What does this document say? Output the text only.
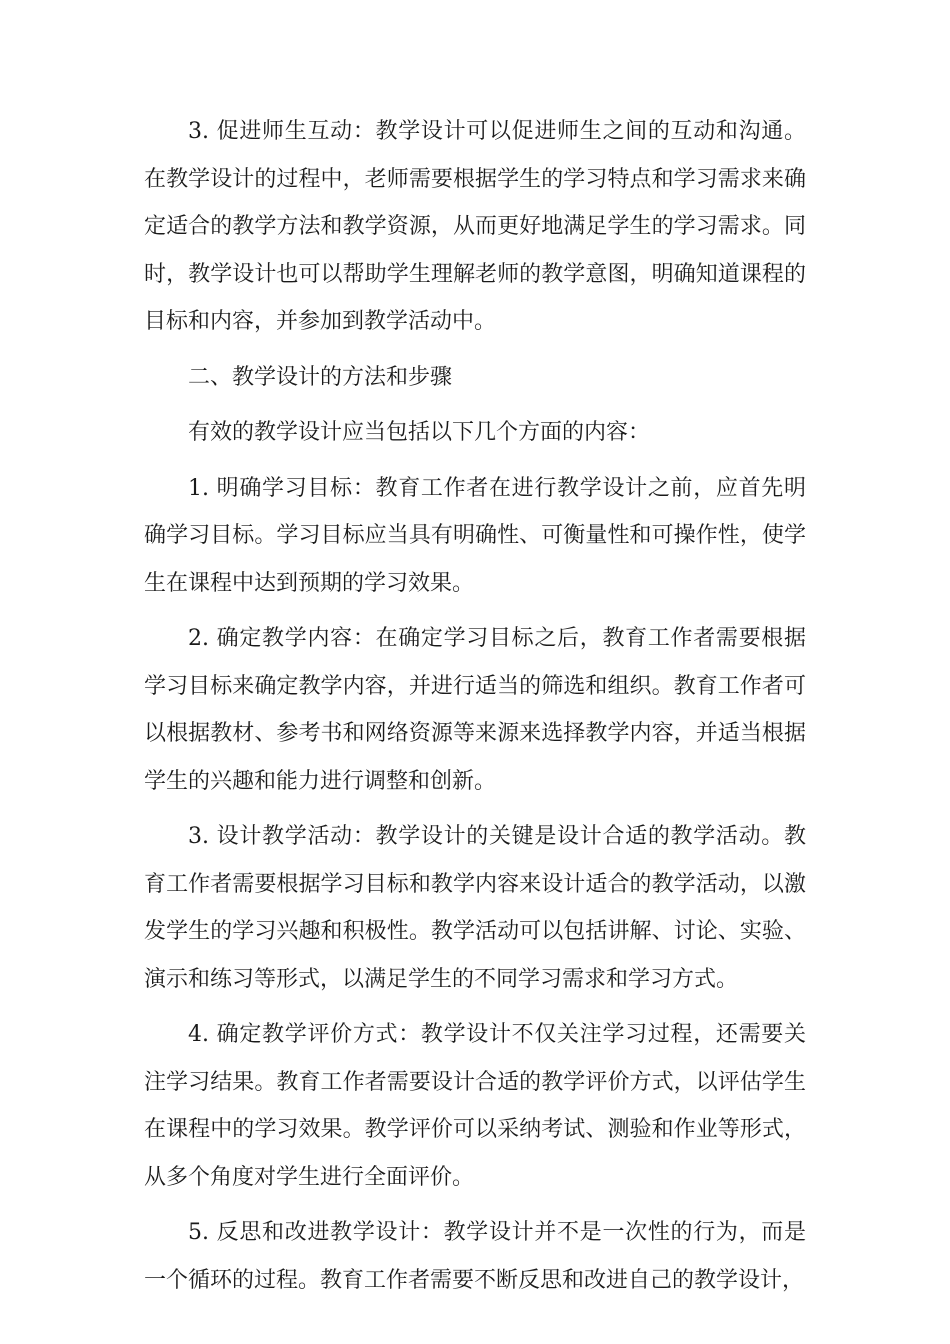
3. 促进师生互动：教学设计可以促进师生之间的互动和沟通。在教学设计的过程中，老师需要根据学生的学习特点和学习需求来确定适合的教学方法和教学资源，从而更好地满足学生的学习需求。同时，教学设计也可以帮助学生理解老师的教学意图，明确知道课程的目标和内容，并参加到教学活动中。

二、教学设计的方法和步骤

有效的教学设计应当包括以下几个方面的内容：

1. 明确学习目标：教育工作者在进行教学设计之前，应首先明确学习目标。学习目标应当具有明确性、可衡量性和可操作性，使学生在课程中达到预期的学习效果。

2. 确定教学内容：在确定学习目标之后，教育工作者需要根据学习目标来确定教学内容，并进行适当的筛选和组织。教育工作者可以根据教材、参考书和网络资源等来源来选择教学内容，并适当根据学生的兴趣和能力进行调整和创新。

3. 设计教学活动：教学设计的关键是设计合适的教学活动。教育工作者需要根据学习目标和教学内容来设计适合的教学活动，以激发学生的学习兴趣和积极性。教学活动可以包括讲解、讨论、实验、演示和练习等形式，以满足学生的不同学习需求和学习方式。

4. 确定教学评价方式：教学设计不仅关注学习过程，还需要关注学习结果。教育工作者需要设计合适的教学评价方式，以评估学生在课程中的学习效果。教学评价可以采纳考试、测验和作业等形式，从多个角度对学生进行全面评价。

5. 反思和改进教学设计：教学设计并不是一次性的行为，而是一个循环的过程。教育工作者需要不断反思和改进自己的教学设计，
